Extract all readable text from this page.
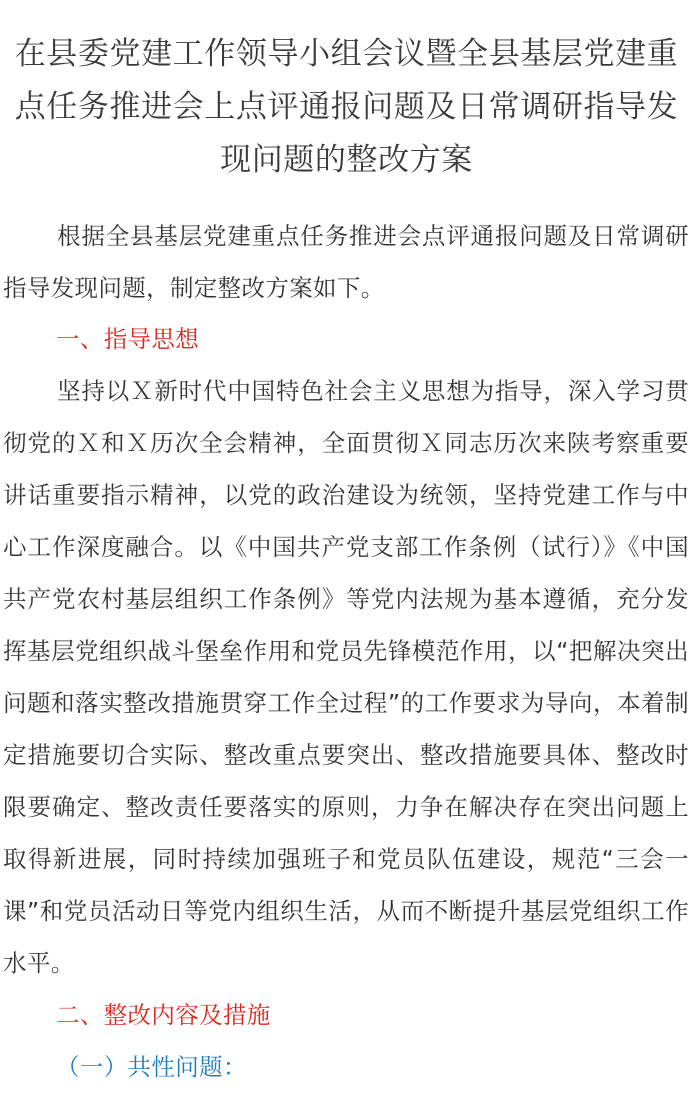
在县委党建工作领导小组会议暨全县基层党建重点任务推进会上点评通报问题及日常调研指导发现问题的整改方案

根据全县基层党建重点任务推进会点评通报问题及日常调研指导发现问题，制定整改方案如下。

一、指导思想

坚持以Ｘ新时代中国特色社会主义思想为指导，深入学习贯彻党的Ｘ和Ｘ历次全会精神，全面贯彻Ｘ同志历次来陕考察重要讲话重要指示精神，以党的政治建设为统领，坚持党建工作与中心工作深度融合。以《中国共产党支部工作条例（试行）》《中国共产党农村基层组织工作条例》等党内法规为基本遵循，充分发挥基层党组织战斗堡垒作用和党员先锋模范作用，以“把解决突出问题和落实整改措施贯穿工作全过程”的工作要求为导向，本着制定措施要切合实际、整改重点要突出、整改措施要具体、整改时限要确定、整改责任要落实的原则，力争在解决存在突出问题上取得新进展，同时持续加强班子和党员队伍建设，规范“三会一课”和党员活动日等党内组织生活，从而不断提升基层党组织工作水平。

二、整改内容及措施
（一）共性问题：
